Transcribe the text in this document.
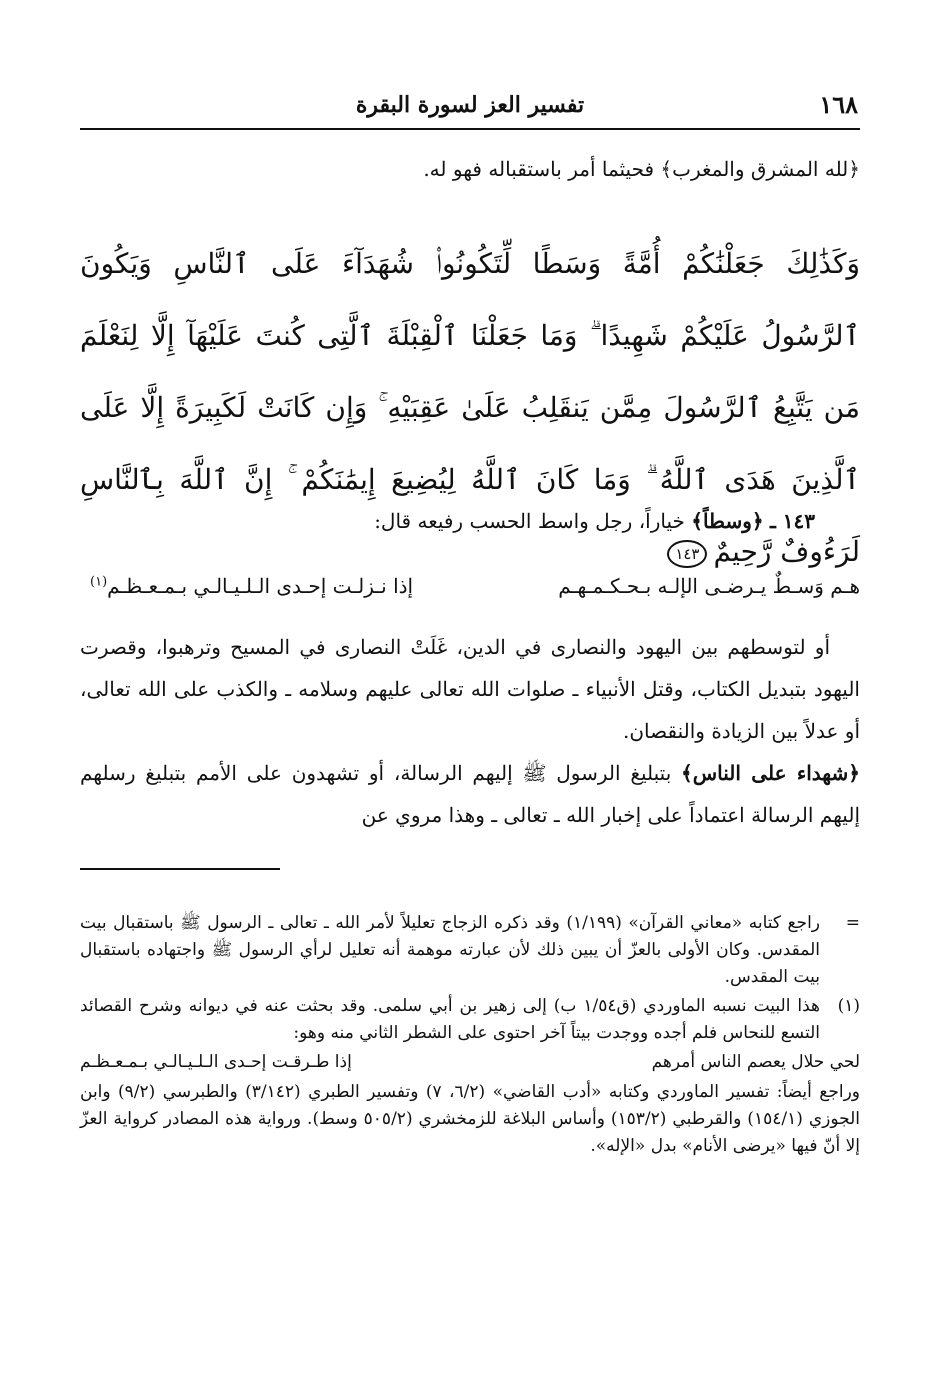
١٦٨
تفسير العز لسورة البقرة

﴿لله المشرق والمغرب﴾ فحيثما أمر باستقباله فهو له.

وَكَذَٰلِكَ جَعَلْنَٰكُمْ أُمَّةً وَسَطًا لِّتَكُونُوا۟ شُهَدَآءَ عَلَى ٱلنَّاسِ وَيَكُونَ ٱلرَّسُولُ عَلَيْكُمْ شَهِيدًا ۗ وَمَا جَعَلْنَا ٱلْقِبْلَةَ ٱلَّتِى كُنتَ عَلَيْهَآ إِلَّا لِنَعْلَمَ مَن يَتَّبِعُ ٱلرَّسُولَ مِمَّن يَنقَلِبُ عَلَىٰ عَقِبَيْهِ ۚ وَإِن كَانَتْ لَكَبِيرَةً إِلَّا عَلَى ٱلَّذِينَ هَدَى ٱللَّهُ ۗ وَمَا كَانَ ٱللَّهُ لِيُضِيعَ إِيمَٰنَكُمْ ۚ إِنَّ ٱللَّهَ بِٱلنَّاسِ لَرَءُوفٌ رَّحِيمٌ١٤٣

١٤٣ ـ ﴿وسطاً﴾ خياراً، رجل واسط الحسب رفيعه قال:

هـم وَسـطٌ يـرضـى الإلـه بـحـكـمـهـم
إذا نـزلـت إحـدى الـلـيـالـي بـمـعـظـم$^{(١)}$

أو لتوسطهم بين اليهود والنصارى في الدين، غَلَتْ النصارى في المسيح وترهبوا، وقصرت اليهود بتبديل الكتاب، وقتل الأنبياء ـ صلوات الله تعالى عليهم وسلامه ـ والكذب على الله تعالى، أو عدلاً بين الزيادة والنقصان.

﴿شهداء على الناس﴾ بتبليغ الرسول ﷺ إليهم الرسالة، أو تشهدون على الأمم بتبليغ رسلهم إليهم الرسالة اعتماداً على إخبار الله ـ تعالى ـ وهذا مروي عن

=
راجع كتابه «معاني القرآن» (١/١٩٩) وقد ذكره الزجاج تعليلاً لأمر الله ـ تعالى ـ الرسول ﷺ باستقبال بيت المقدس. وكان الأولى بالعزّ أن يبين ذلك لأن عبارته موهمة أنه تعليل لرأي الرسول ﷺ واجتهاده باستقبال بيت المقدس.

(١)
هذا البيت نسبه الماوردي (ق١/٥٤ ب) إلى زهير بن أبي سلمى. وقد بحثت عنه في ديوانه وشرح القصائد التسع للنحاس فلم أجده ووجدت بيتاً آخر احتوى على الشطر الثاني منه وهو:

لحي حلال يعصم الناس أمرهم
إذا طـرقـت إحـدى الـلـيـالـي بـمـعـظـم

وراجع أيضاً: تفسير الماوردي وكتابه «أدب القاضي» (٦/٢، ٧) وتفسير الطبري (٣/١٤٢) والطبرسي (٩/٢) وابن الجوزي (١٥٤/١) والقرطبي (١٥٣/٢) وأساس البلاغة للزمخشري (٥٠٥/٢ وسط). ورواية هذه المصادر كرواية العزّ إلا أنّ فيها «يرضى الأنام» بدل «الإله».
